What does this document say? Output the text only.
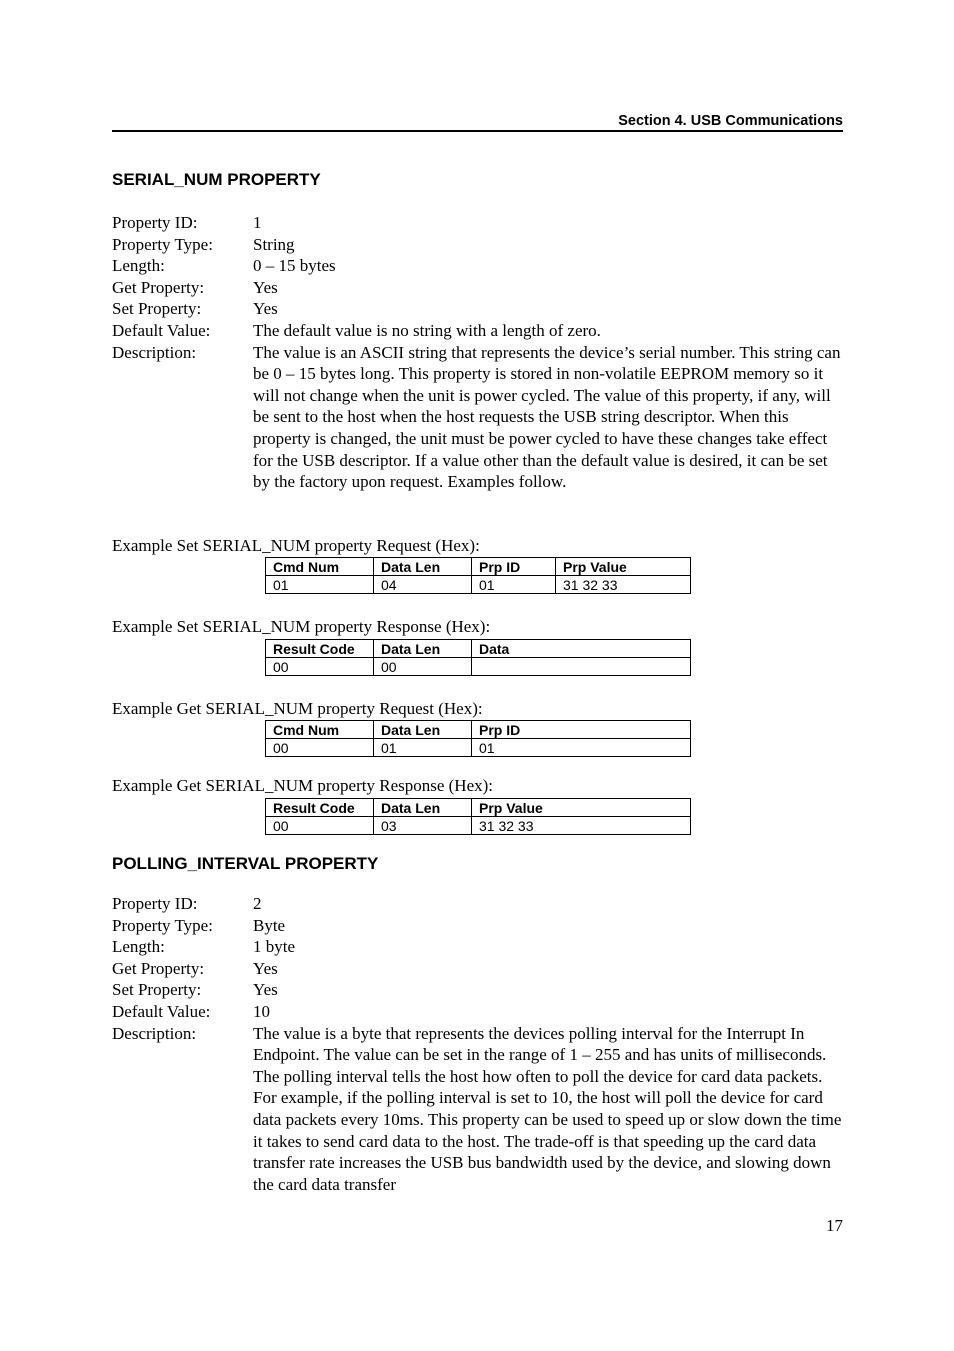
Section 4. USB Communications
SERIAL_NUM PROPERTY
Property ID:	1
Property Type:	String
Length:	0 – 15 bytes
Get Property:	Yes
Set Property:	Yes
Default Value:	The default value is no string with a length of zero.
Description:	The value is an ASCII string that represents the device’s serial number. This string can be 0 – 15 bytes long. This property is stored in non-volatile EEPROM memory so it will not change when the unit is power cycled. The value of this property, if any, will be sent to the host when the host requests the USB string descriptor. When this property is changed, the unit must be power cycled to have these changes take effect for the USB descriptor. If a value other than the default value is desired, it can be set by the factory upon request. Examples follow.
Example Set SERIAL_NUM property Request (Hex):
Cmd Num	Data Len	Prp ID	Prp Value
01	04	01	31 32 33
Example Set SERIAL_NUM property Response (Hex):
Result Code	Data Len	Data
00	00	
Example Get SERIAL_NUM property Request (Hex):
Cmd Num	Data Len	Prp ID
00	01	01
Example Get SERIAL_NUM property Response (Hex):
Result Code	Data Len	Prp Value
00	03	31 32 33
POLLING_INTERVAL PROPERTY
Property ID:	2
Property Type:	Byte
Length:	1 byte
Get Property:	Yes
Set Property:	Yes
Default Value:	10
Description:	The value is a byte that represents the devices polling interval for the Interrupt In Endpoint. The value can be set in the range of 1 – 255 and has units of milliseconds. The polling interval tells the host how often to poll the device for card data packets. For example, if the polling interval is set to 10, the host will poll the device for card data packets every 10ms. This property can be used to speed up or slow down the time it takes to send card data to the host. The trade-off is that speeding up the card data transfer rate increases the USB bus bandwidth used by the device, and slowing down the card data transfer
17
